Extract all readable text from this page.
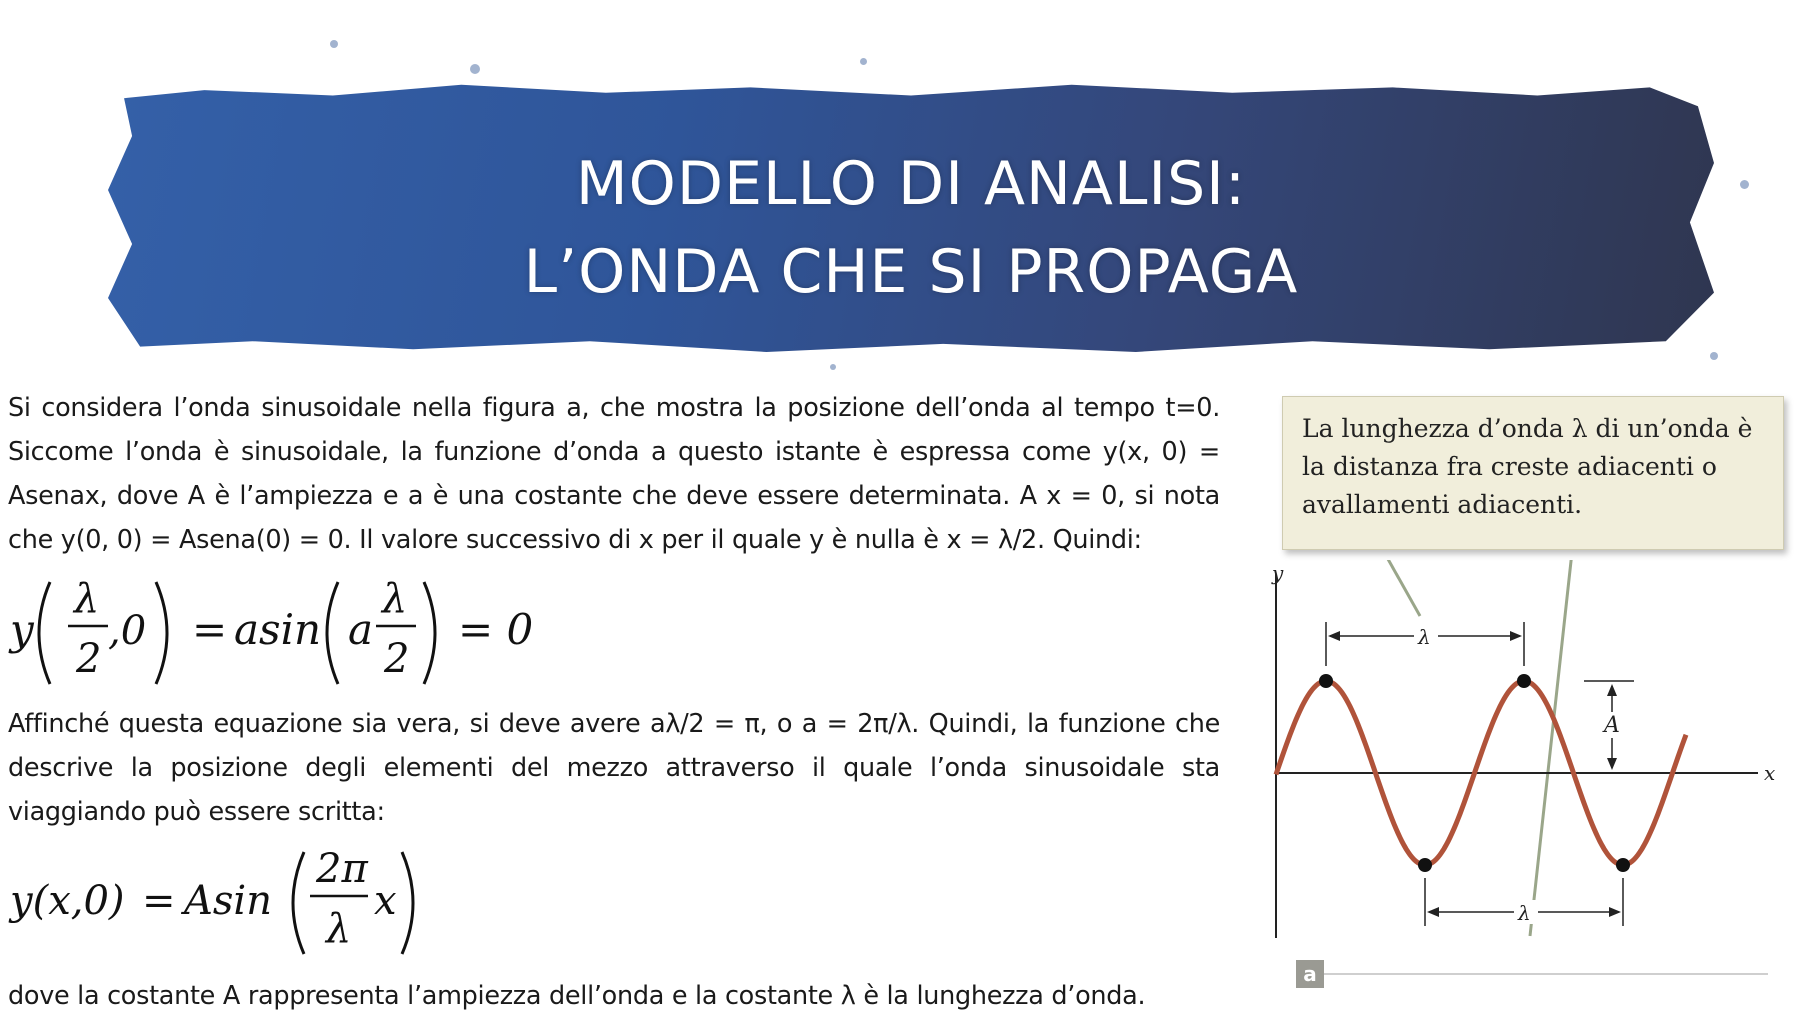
MODELLO DI ANALISI:
L’ONDA CHE SI PROPAGA
Si considera l’onda sinusoidale nella figura a, che mostra la posizione dell’onda al tempo t=0. Siccome l’onda è sinusoidale, la funzione d’onda a questo istante è espressa come y(x, 0) = Asenax, dove A è l’ampiezza e a è una costante che deve essere determinata. A x = 0, si nota che y(0, 0) = Asena(0) = 0. Il valore successivo di x per il quale y è nulla è x = λ/2. Quindi:
y
λ
2
,0 = asin a
λ
2
= 0
Affinché questa equazione sia vera, si deve avere aλ/2 = π, o a = 2π/λ. Quindi, la funzione che descrive la posizione degli elementi del mezzo attraverso il quale l’onda sinusoidale sta viaggiando può essere scritta:
y(x,0) = Asin
2π
λ
x
dove la costante A rappresenta l’ampiezza dell’onda e la costante λ è la lunghezza d’onda.
La lunghezza d’onda λ di un’onda è la distanza fra creste adiacenti o avallamenti adiacenti.
y
x
λ
λ
A
a
